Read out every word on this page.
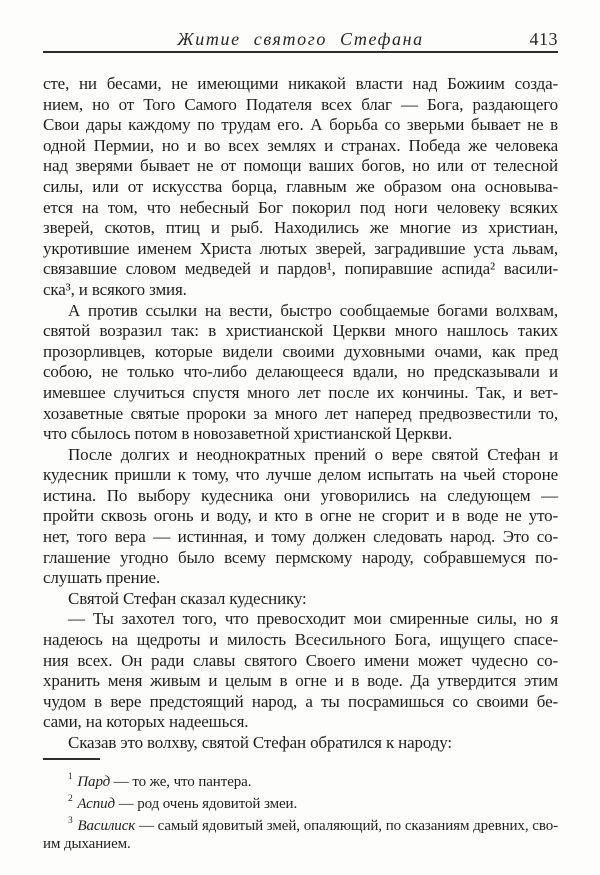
Житие святого Стефана	413
сте, ни бесами, не имеющими никакой власти над Божиим созда-
нием, но от Того Самого Подателя всех благ — Бога, раздающего
Свои дары каждому по трудам его. А борьба со зверьми бывает не в
одной Пермии, но и во всех землях и странах. Победа же человека
над зверями бывает не от помощи ваших богов, но или от телесной
силы, или от искусства борца, главным же образом она основыва-
ется на том, что небесный Бог покорил под ноги человеку всяких
зверей, скотов, птиц и рыб. Находились же многие из христиан,
укротившие именем Христа лютых зверей, заградившие уста львам,
связавшие словом медведей и пардов¹, попиравшие аспида² васили-
ска³, и всякого змия.
А против ссылки на вести, быстро сообщаемые богами волхвам,
святой возразил так: в христианской Церкви много нашлось таких
прозорливцев, которые видели своими духовными очами, как пред
собою, не только что-либо делающееся вдали, но предсказывали и
имевшее случиться спустя много лет после их кончины. Так, и вет-
хозаветные святые пророки за много лет наперед предвозвестили то,
что сбылось потом в новозаветной христианской Церкви.
После долгих и неоднократных прений о вере святой Стефан и
кудесник пришли к тому, что лучше делом испытать на чьей стороне
истина. По выбору кудесника они уговорились на следующем —
пройти сквозь огонь и воду, и кто в огне не сгорит и в воде не уто-
нет, того вера — истинная, и тому должен следовать народ. Это со-
глашение угодно было всему пермскому народу, собравшемуся по-
слушать прение.
Святой Стефан сказал кудеснику:
— Ты захотел того, что превосходит мои смиренные силы, но я
надеюсь на щедроты и милость Всесильного Бога, ищущего спасе-
ния всех. Он ради славы святого Своего имени может чудесно со-
хранить меня живым и целым в огне и в воде. Да утвердится этим
чудом в вере предстоящий народ, а ты посрамишься со своими бе-
сами, на которых надеешься.
Сказав это волхву, святой Стефан обратился к народу:
$^1$ Пард — то же, что пантера.
$^2$ Аспид — род очень ядовитой змеи.
$^3$ Василиск — самый ядовитый змей, опаляющий, по сказаниям древних, сво-
им дыханием.
